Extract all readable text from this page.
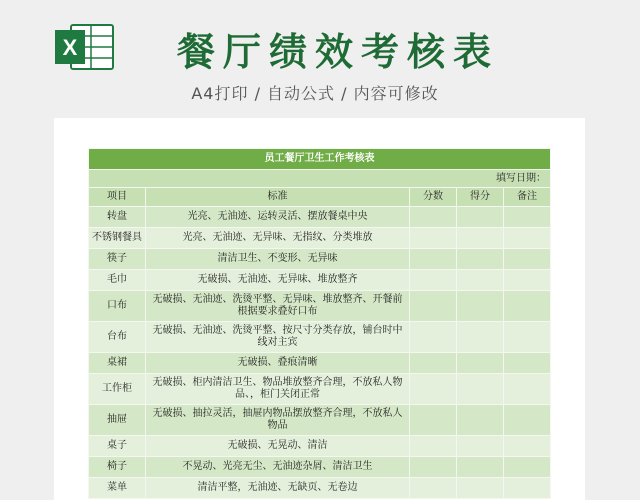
X	餐厅绩效考核表
A4打印 / 自动公式 / 内容可修改
员工餐厅卫生工作考核表				
填写日期：				
项目	标准	分数	得分	备注
转盘	光亮、无油迹、运转灵活、摆放餐桌中央			
不锈钢餐具	光亮、无油迹、无异味、无指纹、分类堆放			
筷子	清洁卫生、不变形、无异味			
毛巾	无破损、无油迹、无异味、堆放整齐			
口布	无破损、无油迹、洗烫平整、无异味、堆放整齐、开餐前根据要求叠好口布			
台布	无破损、无油迹、洗烫平整、按尺寸分类存放，铺台时中线对主宾			
桌裙	无破损、叠痕清晰			
工作柜	无破损、柜内清洁卫生、物品堆放整齐合理，不放私人物品、，柜门关闭正常			
抽屉	无破损、抽拉灵活，抽屉内物品摆放整齐合理，不放私人物品			
桌子	无破损、无晃动、清洁			
椅子	不晃动、光亮无尘、无油迹杂屑、清洁卫生			
菜单	清洁平整，无油迹、无缺页、无卷边			
